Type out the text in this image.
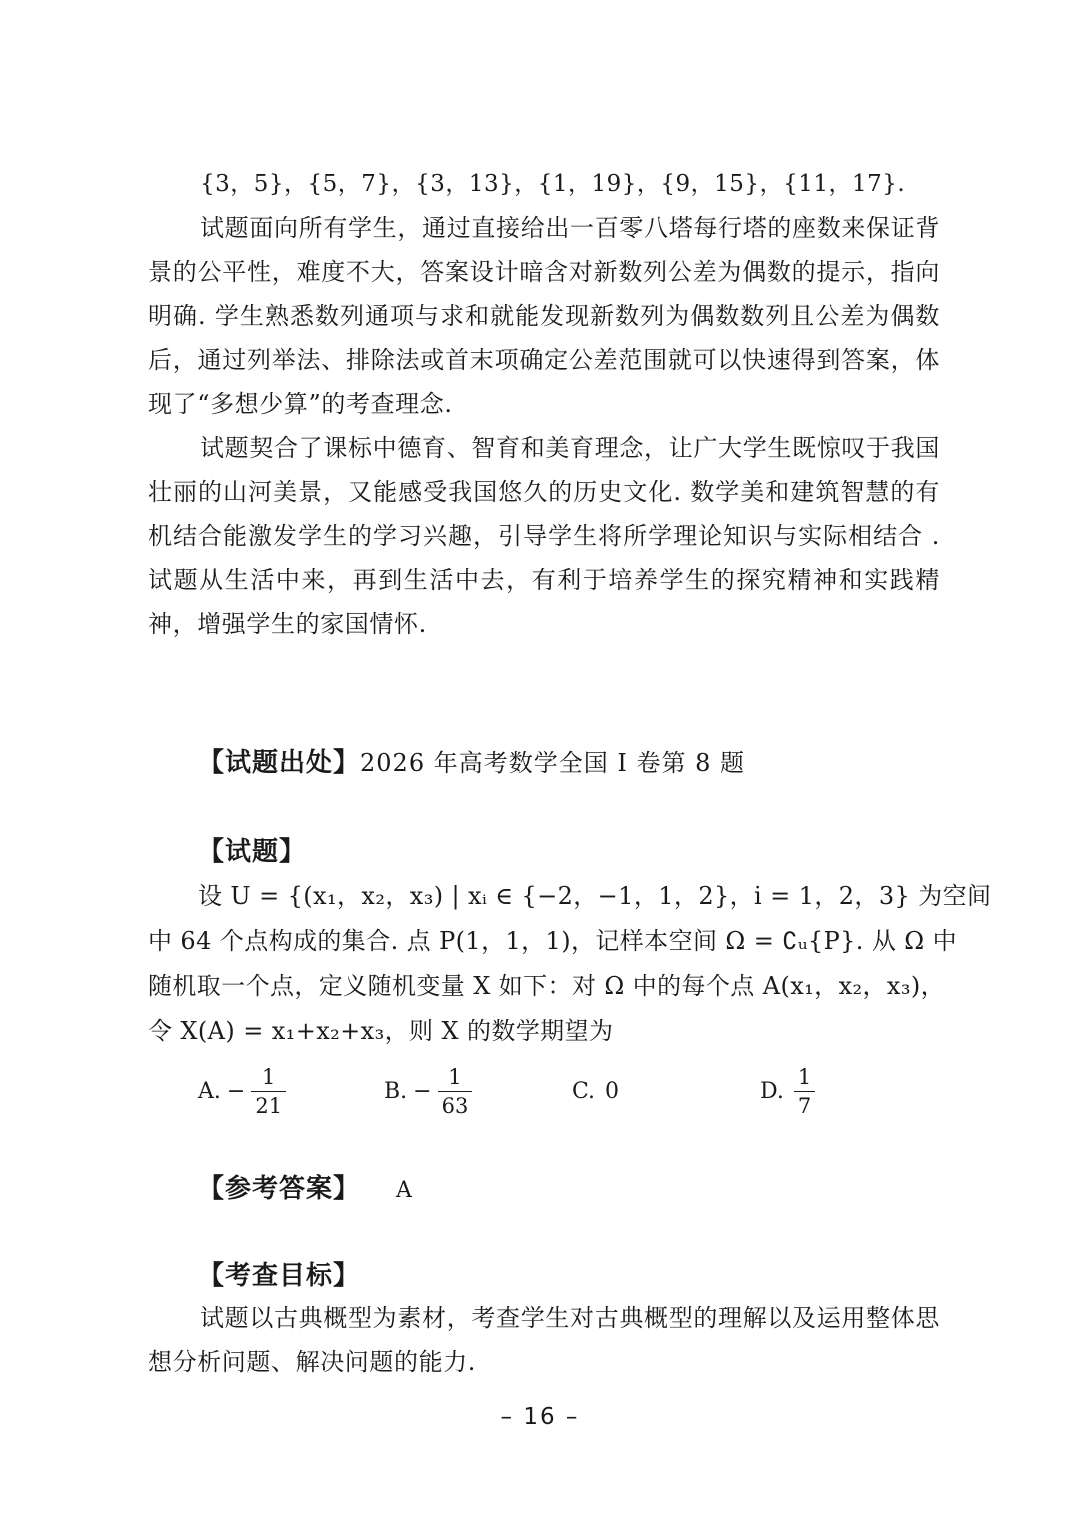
{3，5}，{5，7}，{3，13}，{1，19}，{9，15}，{11，17}.

试题面向所有学生，通过直接给出一百零八塔每行塔的座数来保证背景的公平性，难度不大，答案设计暗含对新数列公差为偶数的提示，指向明确. 学生熟悉数列通项与求和就能发现新数列为偶数数列且公差为偶数后，通过列举法、排除法或首末项确定公差范围就可以快速得到答案，体现了“多想少算”的考查理念.

试题契合了课标中德育、智育和美育理念，让广大学生既惊叹于我国壮丽的山河美景，又能感受我国悠久的历史文化. 数学美和建筑智慧的有机结合能激发学生的学习兴趣，引导学生将所学理论知识与实际相结合 . 试题从生活中来，再到生活中去，有利于培养学生的探究精神和实践精神，增强学生的家国情怀.

【试题出处】2026 年高考数学全国 Ⅰ 卷第 8 题
【试题】
设 U = {(x₁，x₂，x₃) | xᵢ ∈ {−2，−1，1，2}，i = 1，2，3} 为空间
中 64 个点构成的集合. 点 P(1，1，1)，记样本空间 Ω = ∁ᵤ{P}. 从 Ω 中
随机取一个点，定义随机变量 X 如下：对 Ω 中的每个点 A(x₁，x₂，x₃)，
令 X(A) = x₁+x₂+x₃，则 X 的数学期望为
A. − $\frac{1}{21}$	B. − $\frac{1}{63}$	C. 0	D. $\frac{1}{7}$
【参考答案】 A
【考查目标】

试题以古典概型为素材，考查学生对古典概型的理解以及运用整体思想分析问题、解决问题的能力.

– 16 –
